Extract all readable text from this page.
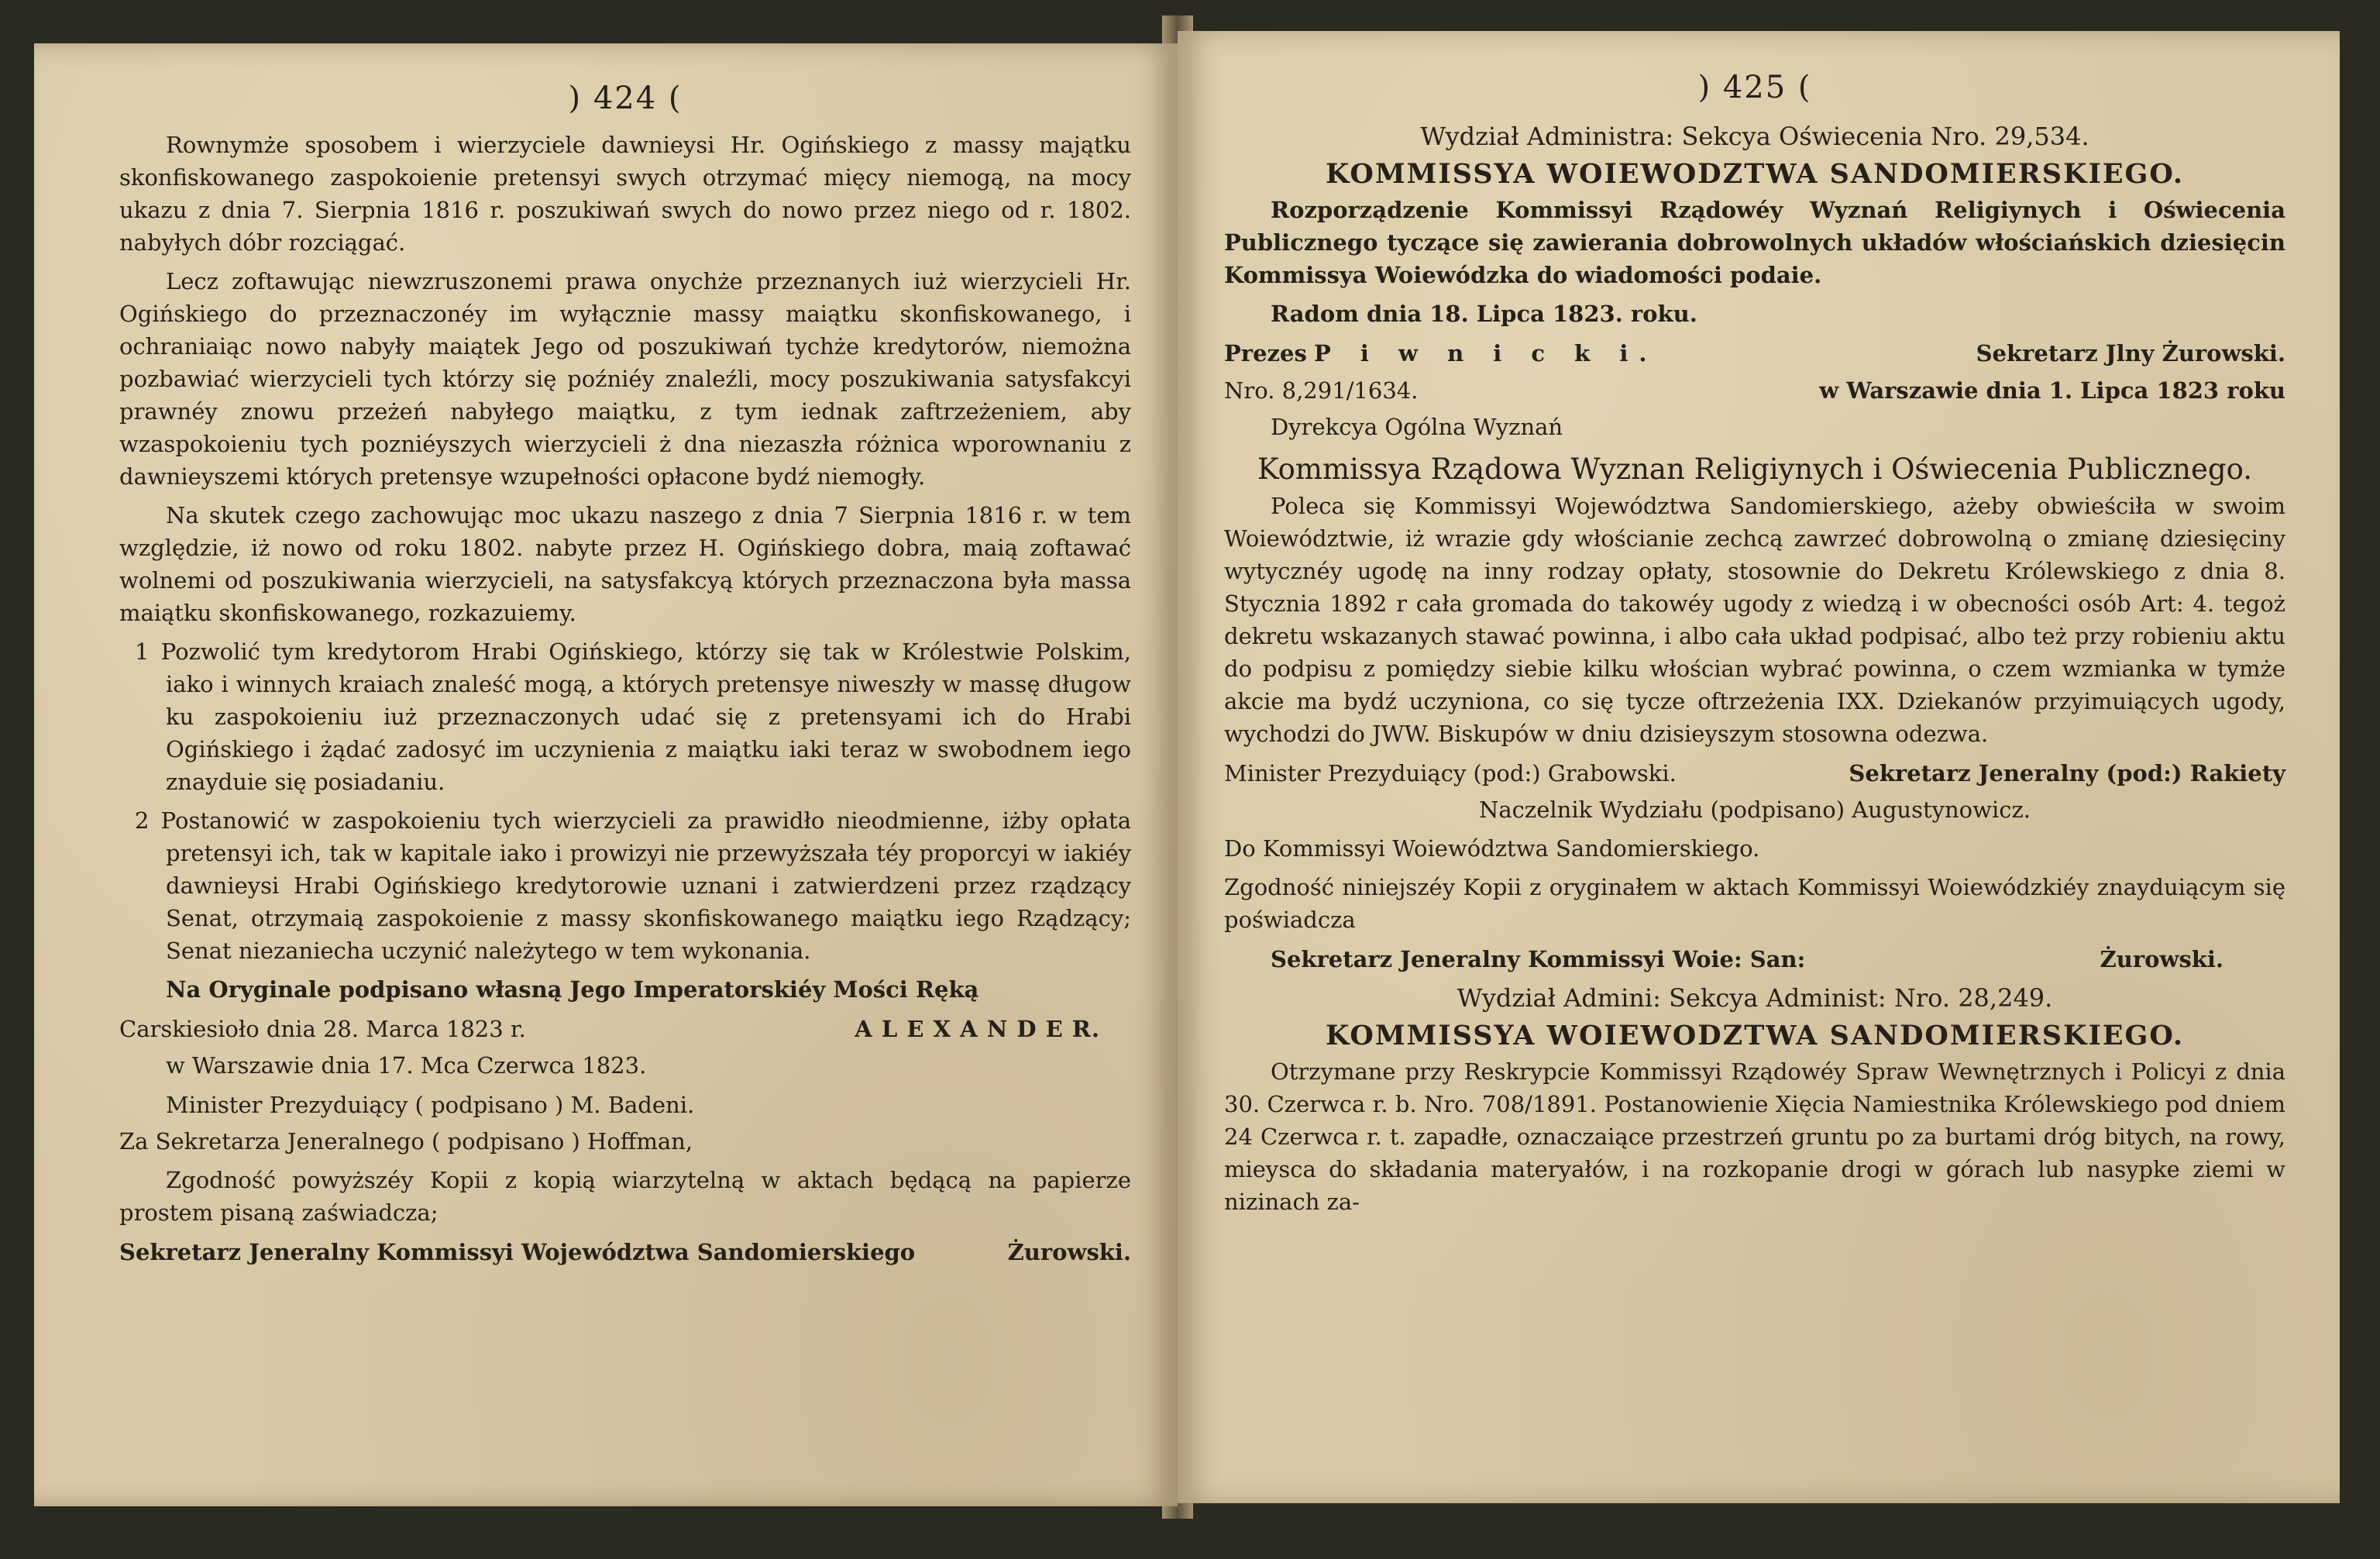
) 424 (

Rownymże sposobem i wierzyciele dawnieysi Hr. Ogińskiego z massy majątku skonfiskowanego zaspokoienie pretensyi swych otrzymać mięcy niemogą, na mocy ukazu z dnia 7. Sierpnia 1816 r. poszukiwań swych do nowo przez niego od r. 1802. nabyłych dóbr rozciągać.

Lecz zoftawując niewzruszonemi prawa onychże przeznanych iuż wierzycieli Hr. Ogińskiego do przeznaczonéy im wyłącznie massy maiątku skonfiskowanego, i ochraniaiąc nowo nabyły maiątek Jego od poszukiwań tychże kredytorów, niemożna pozbawiać wierzycieli tych którzy się poźniéy znaleźli, mocy poszukiwania satysfakcyi prawnéy znowu przeżeń nabyłego maiątku, z tym iednak zaftrzeżeniem, aby wzaspokoieniu tych pozniéyszych wierzycieli ż dna niezaszła różnica wporownaniu z dawnieyszemi których pretensye wzupełności opłacone bydź niemogły.

Na skutek czego zachowując moc ukazu naszego z dnia 7 Sierpnia 1816 r. w tem względzie, iż nowo od roku 1802. nabyte przez H. Ogińskiego dobra, maią zoftawać wolnemi od poszukiwania wierzycieli, na satysfakcyą których przeznaczona była massa maiątku skonfiskowanego, rozkazuiemy.

1 Pozwolić tym kredytorom Hrabi Ogińskiego, którzy się tak w Królestwie Polskim, iako i winnych kraiach znaleść mogą, a których pretensye niweszły w massę długow ku zaspokoieniu iuż przeznaczonych udać się z pretensyami ich do Hrabi Ogińskiego i żądać zadosyć im uczynienia z maiątku iaki teraz w swobodnem iego znayduie się posiadaniu.

2 Postanowić w zaspokoieniu tych wierzycieli za prawidło nieodmienne, iżby opłata pretensyi ich, tak w kapitale iako i prowizyi nie przewyższała téy proporcyi w iakiéy dawnieysi Hrabi Ogińskiego kredytorowie uznani i zatwierdzeni przez rządzący Senat, otrzymaią zaspokoienie z massy skonfiskowanego maiątku iego Rządzący; Senat niezaniecha uczynić należytego w tem wykonania.

Na Oryginale podpisano własną Jego Imperatorskiéy Mości Ręką

Carskiesioło dnia 28. Marca 1823 r.	A L E X A N D E R.

w Warszawie dnia 17. Mca Czerwca 1823.

Minister Prezyduiący ( podpisano ) M. Badeni.

Za Sekretarza Jeneralnego ( podpisano ) Hoffman,

Zgodność powyższéy Kopii z kopią wiarzytelną w aktach będącą na papierze prostem pisaną zaświadcza;

Sekretarz Jeneralny Kommissyi Województwa Sandomierskiego	Żurowski.
) 425 (
Wydział Administra: Sekcya Oświecenia Nro. 29,534.
KOMMISSYA WOIEWODZTWA SANDOMIERSKIEGO.

Rozporządzenie Kommissyi Rządowéy Wyznań Religiynych i Oświecenia Publicznego tyczące się zawierania dobrowolnych układów włościańskich dziesięcin Kommissya Woiewódzka do wiadomości podaie.

Radom dnia 18. Lipca 1823. roku.

Prezes P i w n i c k i.	Sekretarz Jlny Żurowski.
Nro. 8,291/1634.	w Warszawie dnia 1. Lipca 1823 roku

Dyrekcya Ogólna Wyznań

Kommissya Rządowa Wyznan Religiynych i Oświecenia Publicznego.

Poleca się Kommissyi Województwa Sandomierskiego, ażeby obwieściła w swoim Woiewództwie, iż wrazie gdy włościanie zechcą zawrzeć dobrowolną o zmianę dziesięciny wytycznéy ugodę na inny rodzay opłaty, stosownie do Dekretu Królewskiego z dnia 8. Stycznia 1892 r cała gromada do takowéy ugody z wiedzą i w obecności osób Art: 4. tegoż dekretu wskazanych stawać powinna, i albo cała układ podpisać, albo też przy robieniu aktu do podpisu z pomiędzy siebie kilku włościan wybrać powinna, o czem wzmianka w tymże akcie ma bydź uczyniona, co się tycze oftrzeżenia IXX. Dziekanów przyimuiących ugody, wychodzi do JWW. Biskupów w dniu dzisieyszym stosowna odezwa.

Minister Prezyduiący (pod:) Grabowski.	Sekretarz Jeneralny (pod:) Rakiety

Naczelnik Wydziału (podpisano) Augustynowicz.

Do Kommissyi Woiewództwa Sandomierskiego.

Zgodność niniejszéy Kopii z oryginałem w aktach Kommissyi Woiewódzkiéy znayduiącym się poświadcza

Sekretarz Jeneralny Kommissyi Woie: San:	Żurowski.
Wydział Admini: Sekcya Administ: Nro. 28,249.
KOMMISSYA WOIEWODZTWA SANDOMIERSKIEGO.

Otrzymane przy Reskrypcie Kommissyi Rządowéy Spraw Wewnętrznych i Policyi z dnia 30. Czerwca r. b. Nro. 708/1891. Postanowienie Xięcia Namiestnika Królewskiego pod dniem 24 Czerwca r. t. zapadłe, oznaczaiące przestrzeń gruntu po za burtami dróg bitych, na rowy, mieysca do składania materyałów, i na rozkopanie drogi w górach lub nasypke ziemi w nizinach za-
